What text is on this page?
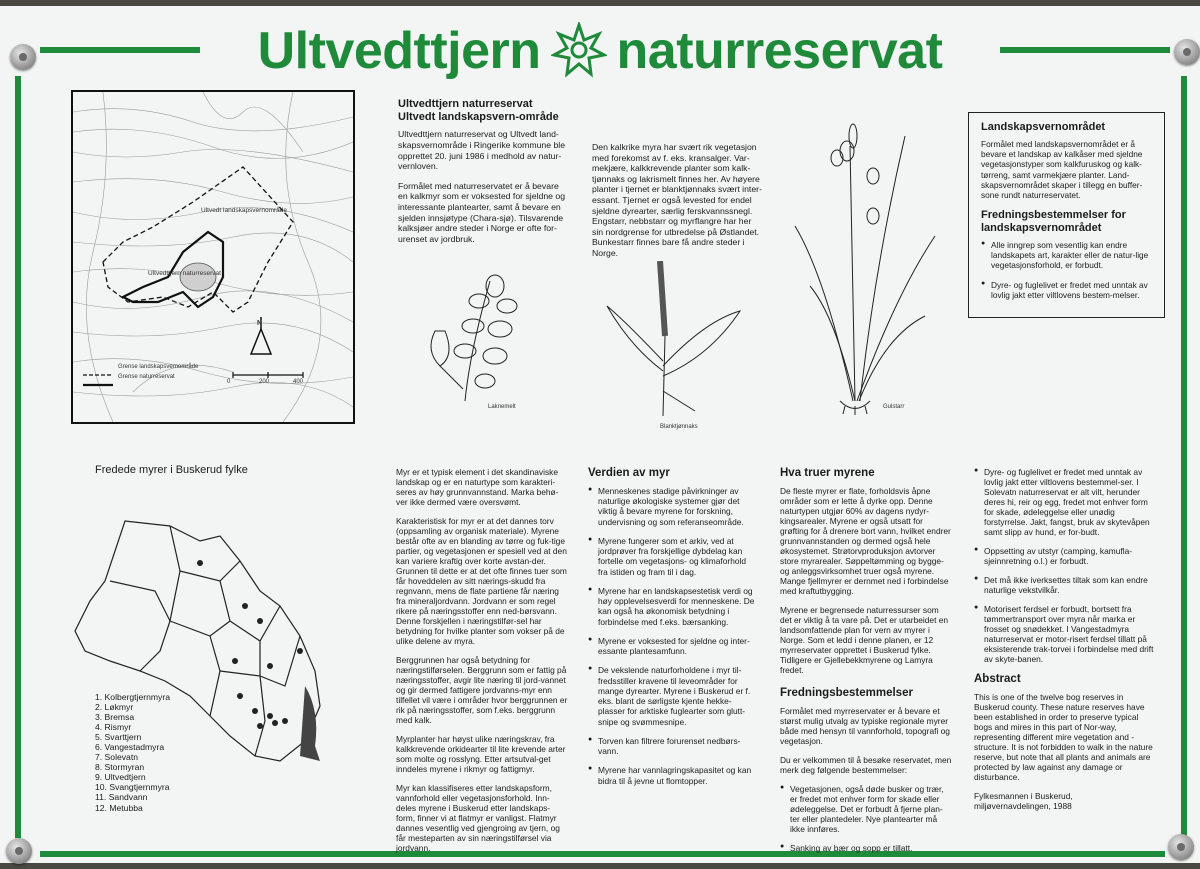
Ultvedttjern naturreservat
Ultvedt landskapsvernområde
Ultvedttjern naturreservat
N
Grense landskapsvernområde
Grense naturreservat
0	200	400
Ultvedttjern naturreservat Ultvedt landskapsvern-område

Ultvedttjern naturreservat og Ultvedt land-skapsvernområde i Ringerike kommune ble opprettet 20. juni 1986 i medhold av natur-vernloven.

Formålet med naturreservatet er å bevare en kalkmyr som er voksested for sjeldne og interessante plantearter, samt å bevare en sjelden innsjøtype (Chara-sjø). Tilsvarende kalksjøer andre steder i Norge er ofte for-urenset av jordbruk.

Den kalkrike myra har svært rik vegetasjon med forekomst av f. eks. kransalger. Var-mekjære, kalkkrevende planter som kalk-tjønnaks og lakrismelt finnes her. Av høyere planter i tjernet er blanktjønnaks svært inter-essant. Tjernet er også levested for endel sjeldne dyrearter, særlig ferskvannssnegl. Engstarr, nebbstarr og myrflangre har her sin nordgrense for utbredelse på Østlandet. Bunkestarr finnes bare få andre steder i Norge.

Laknemelt
Blanktjønnaks
Gulstarr
Landskapsvernområdet

Formålet med landskapsvernområdet er å bevare et landskap av kalkåser med sjeldne vegetasjonstyper som kalkfuruskog og kalk-tørreng, samt varmekjære planter. Land-skapsvernområdet skaper i tillegg en buffer-sone rundt naturreservatet.

Fredningsbestemmelser for landskapsvernområdet
● Alle inngrep som vesentlig kan endre landskapets art, karakter eller de natur-lige vegetasjonsforhold, er forbudt.
● Dyre- og fuglelivet er fredet med unntak av lovlig jakt etter viltlovens bestem-melser.
Fredede myrer i Buskerud fylke
1. Kolbergtjernmyra
2. Løkmyr
3. Bremsa
4. Rismyr
5. Svarttjern
6. Vangestadmyra
7. Solevatn
8. Stormyran
9. Ultvedtjern
10. Svangtjernmyra
11. Sandvann
12. Metubba

Myr er et typisk element i det skandinaviske landskap og er en naturtype som karakteri-seres av høy grunnvannstand. Marka behø-ver ikke dermed være oversvømt.

Karakteristisk for myr er at det dannes torv (oppsamling av organisk materiale). Myrene består ofte av en blanding av tørre og fuk-tige partier, og vegetasjonen er spesiell ved at den kan variere kraftig over korte avstan-der. Grunnen til dette er at det ofte finnes tuer som får hoveddelen av sitt nærings-skudd fra regnvann, mens de flate partiene får næring fra mineraljordvann. Jordvann er som regel rikere på næringsstoffer enn ned-børsvann. Denne forskjellen i næringstilfør-sel har betydning for hvilke planter som vokser på de ulike delene av myra.

Berggrunnen har også betydning for næringstilførselen. Berggrunn som er fattig på næringsstoffer, avgir lite næring til jord-vannet og gir dermed fattigere jordvanns-myr enn tilfellet vil være i områder hvor berggrunnen er rik på næringsstoffer, som f.eks. berggrunn med kalk.

Myrplanter har høyst ulike næringskrav, fra kalkkrevende orkidearter til lite krevende arter som molte og rosslyng. Etter artsutval-get inndeles myrene i rikmyr og fattigmyr.

Myr kan klassifiseres etter landskapsform, vannforhold eller vegetasjonsforhold. Inn-deles myrene i Buskerud etter landskaps-form, finner vi at flatmyr er vanligst. Flatmyr dannes vesentlig ved gjengroing av tjern, og får mesteparten av sin næringstilførsel via jordvann.

Verdien av myr
● Menneskenes stadige påvirkninger av naturlige økologiske systemer gjør det viktig å bevare myrene for forskning, undervisning og som referanseområde.
● Myrene fungerer som et arkiv, ved at jordprøver fra forskjellige dybdelag kan fortelle om vegetasjons- og klimaforhold fra istiden og fram til i dag.
● Myrene har en landskapsestetisk verdi og høy opplevelsesverdi for menneskene. De kan også ha økonomisk betydning i forbindelse med f.eks. bærsanking.
● Myrene er voksested for sjeldne og inter-essante plantesamfunn.
● De vekslende naturforholdene i myr til-fredsstiller kravene til leveområder for mange dyrearter. Myrene i Buskerud er f. eks. blant de sørligste kjente hekke-plasser for arktiske fuglearter som glutt-snipe og svømmesnipe.
● Torven kan filtrere forurenset nedbørs-vann.
● Myrene har vannlagringskapasitet og kan bidra til å jevne ut flomtopper.
Hva truer myrene

De fleste myrer er flate, forholdsvis åpne områder som er lette å dyrke opp. Denne naturtypen utgjør 60% av dagens nydyr-kingsarealer. Myrene er også utsatt for grøfting for å drenere bort vann, hvilket endrer grunnvannstanden og dermed også hele økosystemet. Strøtorvproduksjon avtorver store myrarealer. Søppeltømming og bygge- og anleggsvirksomhet truer også myrene. Mange fjellmyrer er dernmet ned i forbindelse med kraftutbygging.

Myrene er begrensede naturressurser som det er viktig å ta vare på. Det er utarbeidet en landsomfattende plan for vern av myrer i Norge. Som et ledd i denne planen, er 12 myrreservater opprettet i Buskerud fylke. Tidligere er Gjellebekkmyrene og Lamyra fredet.

Fredningsbestemmelser

Formålet med myrreservater er å bevare et størst mulig utvalg av typiske regionale myrer både med hensyn til vannforhold, topografi og vegetasjon.

Du er velkommen til å besøke reservatet, men merk deg følgende bestemmelser:

● Vegetasjonen, også døde busker og trær, er fredet mot enhver form for skade eller ødeleggelse. Det er forbudt å fjerne plan-ter eller plantedeler. Nye plantearter må ikke innføres.
● Sanking av bær og sopp er tillatt.
● Dyre- og fuglelivet er fredet med unntak av lovlig jakt etter viltlovens bestemmel-ser. I Solevatn naturreservat er alt vilt, herunder deres hi, reir og egg, fredet mot enhver form for skade, ødeleggelse eller unødig forstyrrelse. Jakt, fangst, bruk av skytevåpen samt slipp av hund, er for-budt.
● Oppsetting av utstyr (camping, kamufla-sjeinnretning o.l.) er forbudt.
● Det må ikke iverksettes tiltak som kan endre naturlige vekstvilkår.
● Motorisert ferdsel er forbudt, bortsett fra tømmertransport over myra når marka er frosset og snødekket. I Vangestadmyra naturreservat er motor-risert ferdsel tillatt på eksisterende trak-torvei i forbindelse med drift av skyte-banen.
Abstract

This is one of the twelve bog reserves in Buskerud county. These nature reserves have been established in order to preserve typical bogs and mires in this part of Nor-way, representing different mire vegetation and -structure. It is not forbidden to walk in the nature reserve, but note that all plants and animals are protected by law against any damage or disturbance.

Fylkesmannen i Buskerud,
miljøvernavdelingen, 1988
